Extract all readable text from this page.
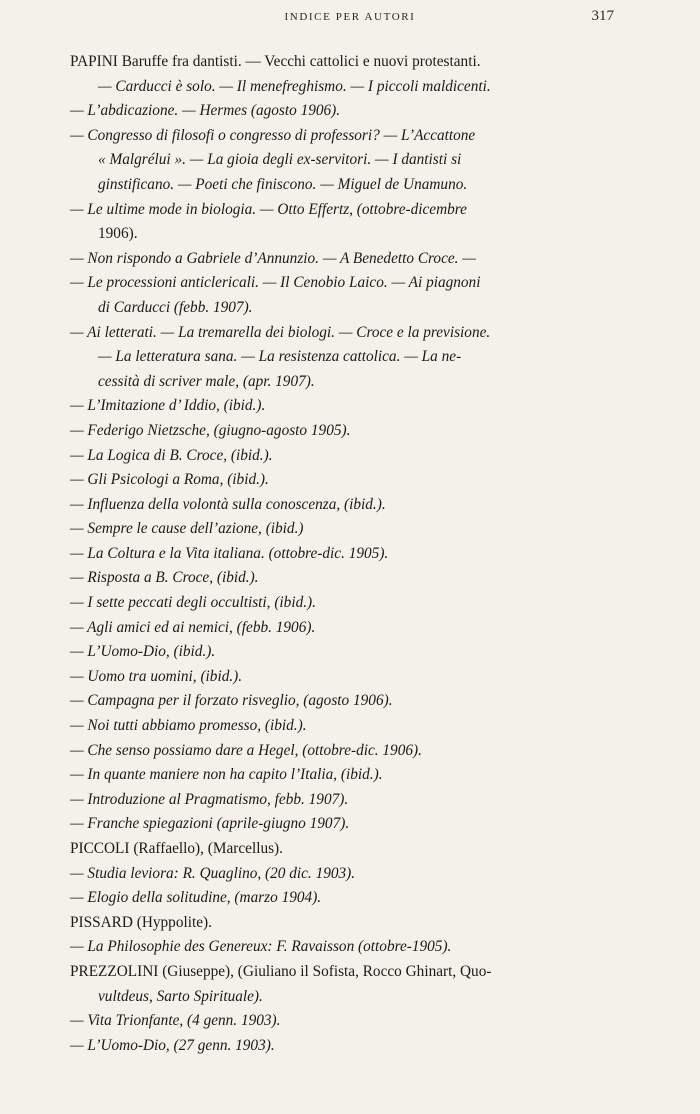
INDICE PER AUTORI	317
PAPINI Baruffe fra dantisti. — Vecchi cattolici e nuovi protestanti.
— Carducci è solo. — Il menefreghismo. — I piccoli maldicenti.
— L’abdicazione. — Hermes (agosto 1906).
— Congresso di filosofi o congresso di professori? — L’Accattone
« Malgrélui ». — La gioia degli ex-servitori. — I dantisti si
ginstificano. — Poeti che finiscono. — Miguel de Unamuno.
— Le ultime mode in biologia. — Otto Effertz, (ottobre-dicembre
1906).
— Non rispondo a Gabriele d’Annunzio. — A Benedetto Croce. —
— Le processioni anticlericali. — Il Cenobio Laico. — Ai piagnoni
di Carducci (febb. 1907).
— Ai letterati. — La tremarella dei biologi. — Croce e la previsione.
— La letteratura sana. — La resistenza cattolica. — La ne-
cessità di scriver male, (apr. 1907).
— L’Imitazione d’ Iddio, (ibid.).
— Federigo Nietzsche, (giugno-agosto 1905).
— La Logica di B. Croce, (ibid.).
— Gli Psicologi a Roma, (ibid.).
— Influenza della volontà sulla conoscenza, (ibid.).
— Sempre le cause dell’azione, (ibid.)
— La Coltura e la Vita italiana. (ottobre-dic. 1905).
— Risposta a B. Croce, (ibid.).
— I sette peccati degli occultisti, (ibid.).
— Agli amici ed ai nemici, (febb. 1906).
— L’Uomo-Dio, (ibid.).
— Uomo tra uomini, (ibid.).
— Campagna per il forzato risveglio, (agosto 1906).
— Noi tutti abbiamo promesso, (ibid.).
— Che senso possiamo dare a Hegel, (ottobre-dic. 1906).
— In quante maniere non ha capito l’Italia, (ibid.).
— Introduzione al Pragmatismo, febb. 1907).
— Franche spiegazioni (aprile-giugno 1907).
PICCOLI (Raffaello), (Marcellus).
— Studia leviora: R. Quaglino, (20 dic. 1903).
— Elogio della solitudine, (marzo 1904).
PISSARD (Hyppolite).
— La Philosophie des Genereux: F. Ravaisson (ottobre-1905).
PREZZOLINI (Giuseppe), (Giuliano il Sofista, Rocco Ghinart, Quo-
vultdeus, Sarto Spirituale).
— Vita Trionfante, (4 genn. 1903).
— L’Uomo-Dio, (27 genn. 1903).
